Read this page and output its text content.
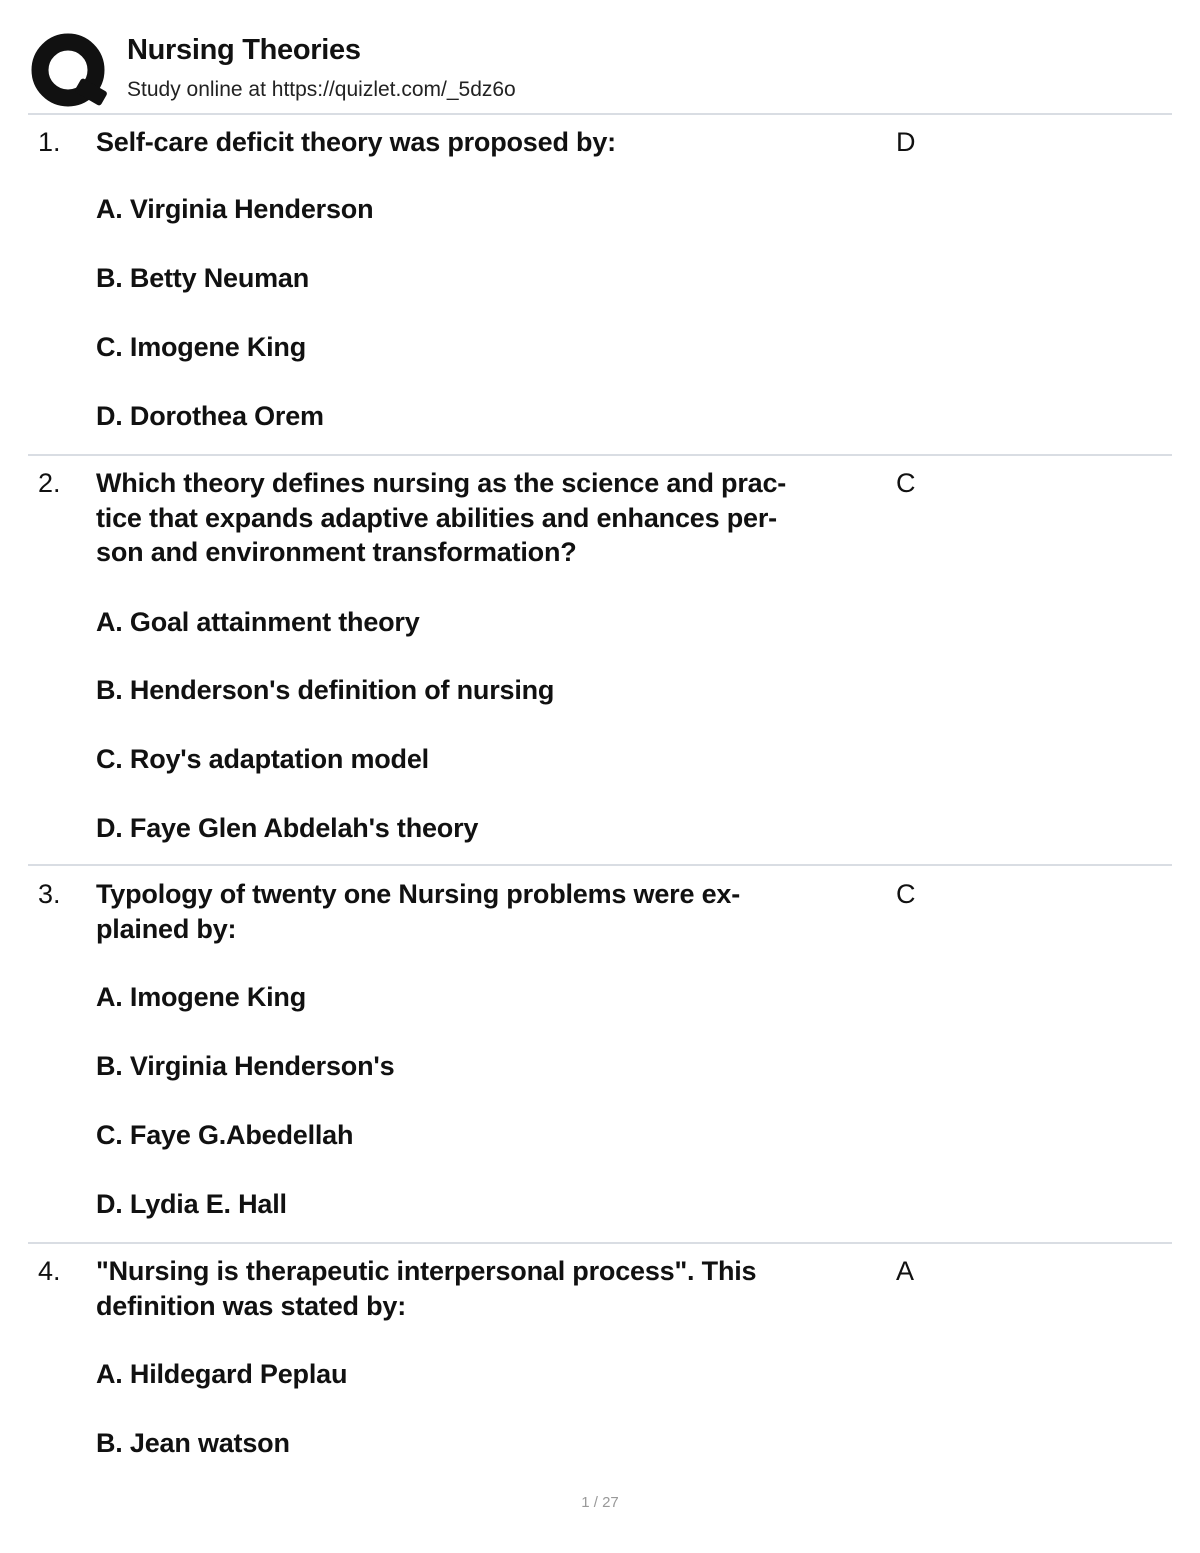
Nursing Theories
Study online at https://quizlet.com/_5dz6o
1. Self-care deficit theory was proposed by:	D
A. Virginia Henderson
B. Betty Neuman
C. Imogene King
D. Dorothea Orem
2. Which theory defines nursing as the science and prac-
tice that expands adaptive abilities and enhances per-
son and environment transformation?
C
A. Goal attainment theory
B. Henderson's definition of nursing
C. Roy's adaptation model
D. Faye Glen Abdelah's theory
3. Typology of twenty one Nursing problems were ex-
plained by:
C
A. Imogene King
B. Virginia Henderson's
C. Faye G.Abedellah
D. Lydia E. Hall
4. "Nursing is therapeutic interpersonal process". This
definition was stated by:
A
A. Hildegard Peplau
B. Jean watson
1 / 27
